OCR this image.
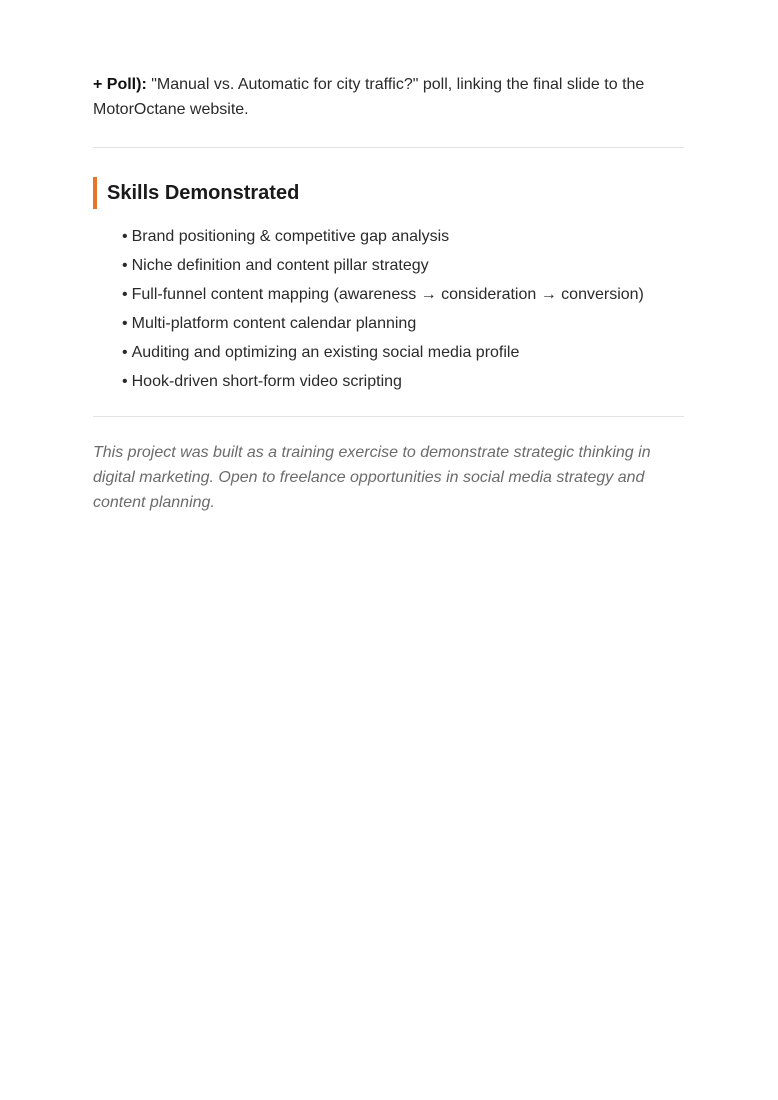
+ Poll): "Manual vs. Automatic for city traffic?" poll, linking the final slide to the MotorOctane website.

Skills Demonstrated
• Brand positioning & competitive gap analysis
• Niche definition and content pillar strategy
• Full-funnel content mapping (awareness → consideration → conversion)
• Multi-platform content calendar planning
• Auditing and optimizing an existing social media profile
• Hook-driven short-form video scripting

This project was built as a training exercise to demonstrate strategic thinking in digital marketing. Open to freelance opportunities in social media strategy and content planning.
